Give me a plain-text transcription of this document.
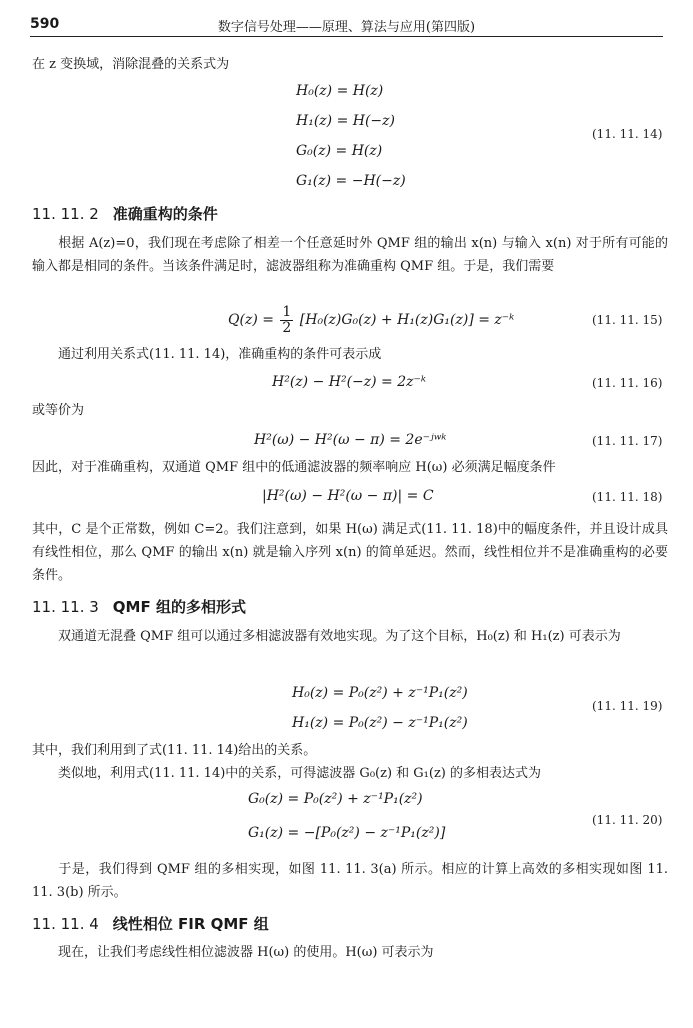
590	数字信号处理——原理、算法与应用(第四版)
在 z 变换域，消除混叠的关系式为
H₀(z) = H(z)
H₁(z) = H(−z)
G₀(z) = H(z)
G₁(z) = −H(−z)
(11. 11. 14)
11. 11. 2 准确重构的条件
根据 A(z)=0，我们现在考虑除了相差一个任意延时外 QMF 组的输出 x(n) 与输入 x(n) 对于所有可能的输入都是相同的条件。当该条件满足时，滤波器组称为准确重构 QMF 组。于是，我们需要
$Q(z) = \frac{1}{2} [H_0(z)G_0(z) + H_1(z)G_1(z)]$ = z⁻ᵏ	(11. 11. 15)
通过利用关系式(11. 11. 14)，准确重构的条件可表示成
H²(z) − H²(−z) = 2z⁻ᵏ	(11. 11. 16)
或等价为
H²(ω) − H²(ω − π) = 2e⁻ʲʷᵏ	(11. 11. 17)
因此，对于准确重构，双通道 QMF 组中的低通滤波器的频率响应 H(ω) 必须满足幅度条件
|H²(ω) − H²(ω − π)| = C	(11. 11. 18)
其中，C 是个正常数，例如 C=2。我们注意到，如果 H(ω) 满足式(11. 11. 18)中的幅度条件，并且设计成具有线性相位，那么 QMF 的输出 x(n) 就是输入序列 x(n) 的简单延迟。然而，线性相位并不是准确重构的必要条件。
11. 11. 3 QMF 组的多相形式
双通道无混叠 QMF 组可以通过多相滤波器有效地实现。为了这个目标，H₀(z) 和 H₁(z) 可表示为
H₀(z) = P₀(z²) + z⁻¹P₁(z²)
H₁(z) = P₀(z²) − z⁻¹P₁(z²)
(11. 11. 19)
其中，我们利用到了式(11. 11. 14)给出的关系。
类似地，利用式(11. 11. 14)中的关系，可得滤波器 G₀(z) 和 G₁(z) 的多相表达式为
G₀(z) = P₀(z²) + z⁻¹P₁(z²)
G₁(z) = −[P₀(z²) − z⁻¹P₁(z²)]
(11. 11. 20)
于是，我们得到 QMF 组的多相实现，如图 11. 11. 3(a) 所示。相应的计算上高效的多相实现如图 11. 11. 3(b) 所示。
11. 11. 4 线性相位 FIR QMF 组
现在，让我们考虑线性相位滤波器 H(ω) 的使用。H(ω) 可表示为
